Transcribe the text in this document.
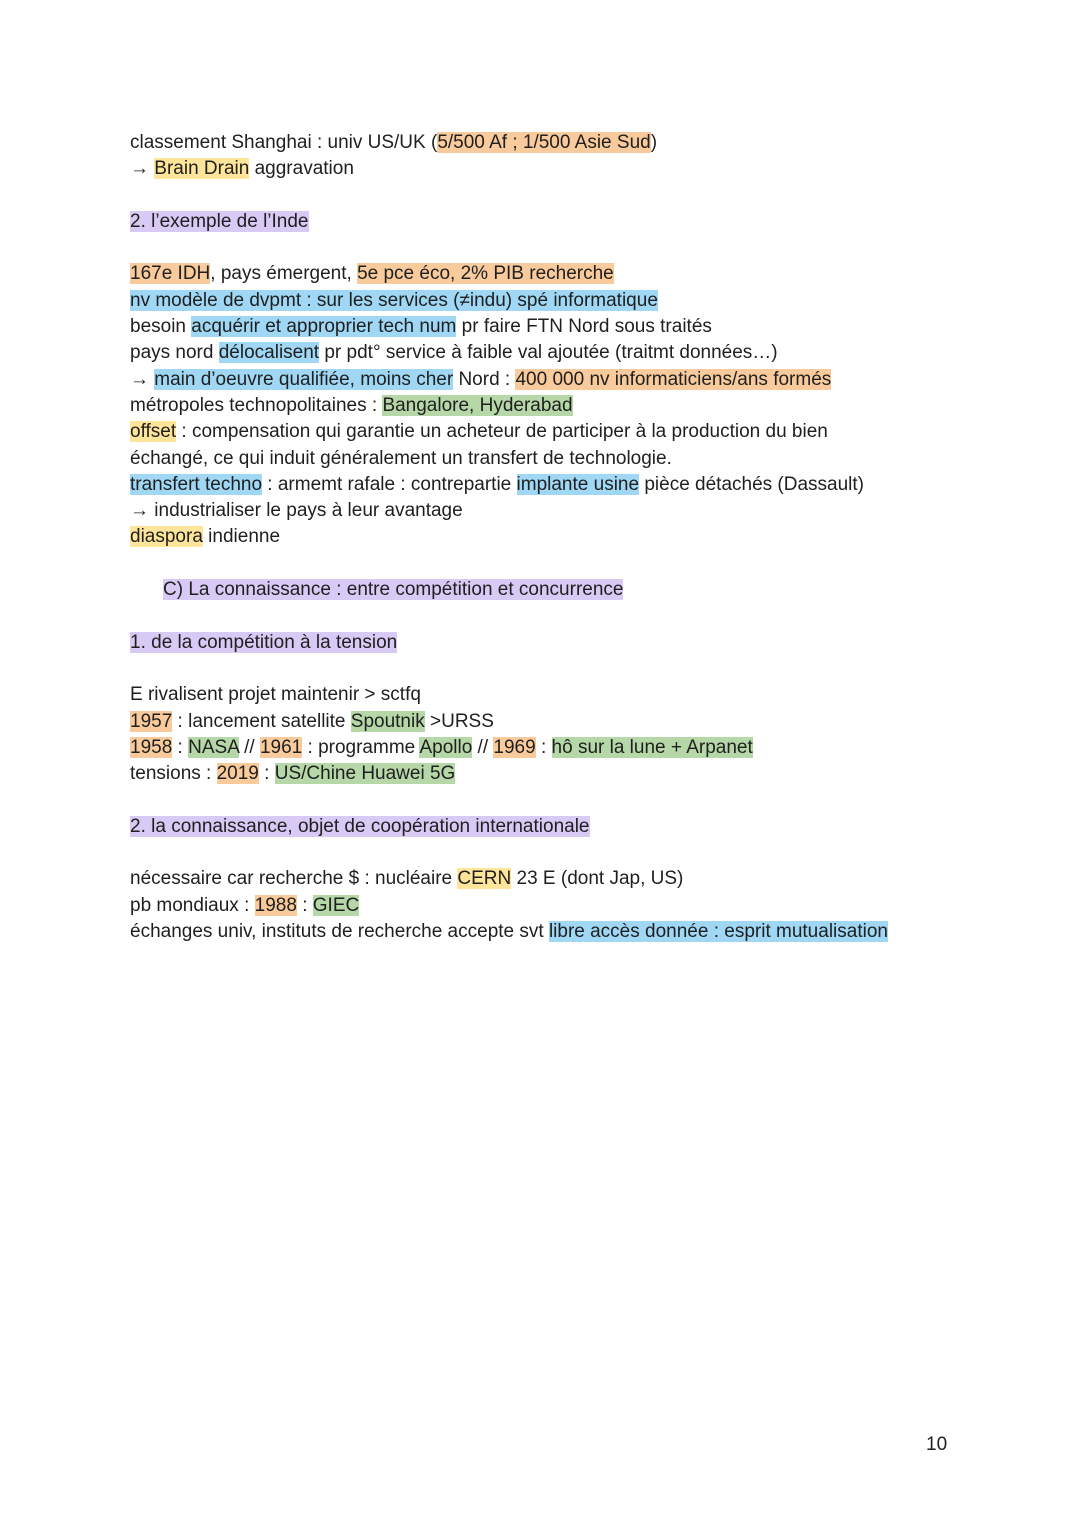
classement Shanghai : univ US/UK (5/500 Af ; 1/500 Asie Sud)
→ Brain Drain aggravation
2. l’exemple de l’Inde
167e IDH, pays émergent, 5e pce éco, 2% PIB recherche
nv modèle de dvpmt : sur les services (≠indu) spé informatique
besoin acquérir et approprier tech num pr faire FTN Nord sous traités
pays nord délocalisent pr pdt° service à faible val ajoutée (traitmt données…)
→ main d’oeuvre qualifiée, moins cher Nord : 400 000 nv informaticiens/ans formés
métropoles technopolitaines : Bangalore, Hyderabad
offset : compensation qui garantie un acheteur de participer à la production du bien
échangé, ce qui induit généralement un transfert de technologie.
transfert techno : armemt rafale : contrepartie implante usine pièce détachés (Dassault)
→ industrialiser le pays à leur avantage
diaspora indienne
C) La connaissance : entre compétition et concurrence
1. de la compétition à la tension
E rivalisent projet maintenir > sctfq
1957 : lancement satellite Spoutnik >URSS
1958 : NASA // 1961 : programme Apollo // 1969 : hô sur la lune + Arpanet
tensions : 2019 : US/Chine Huawei 5G
2. la connaissance, objet de coopération internationale
nécessaire car recherche $ : nucléaire CERN 23 E (dont Jap, US)
pb mondiaux : 1988 : GIEC
échanges univ, instituts de recherche accepte svt libre accès donnée : esprit mutualisation
10
